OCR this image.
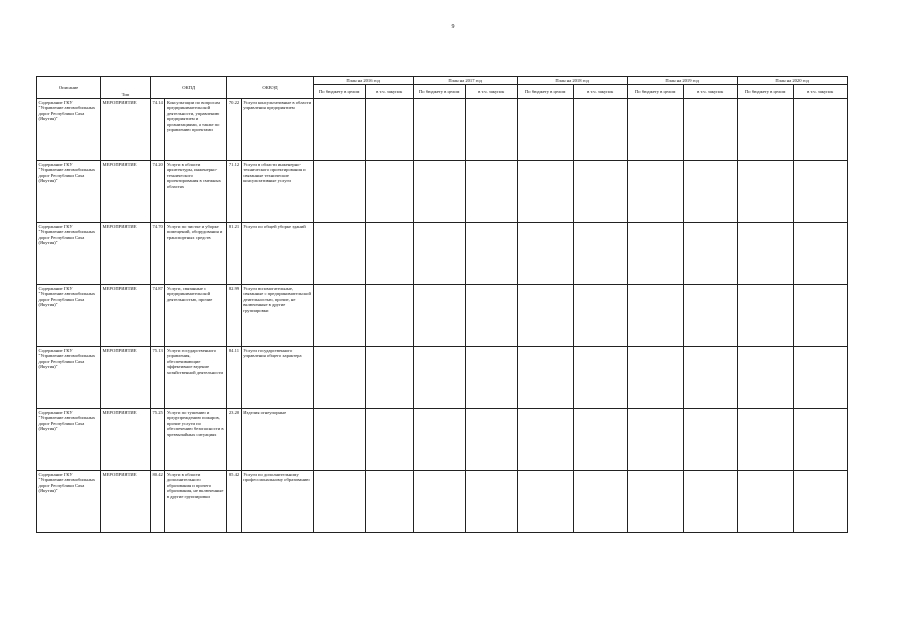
9
Описание	Тип	ОКПД		ОКВЭД		План на 2016 год		План на 2017 год		План на 2018 год		План на 2019 год		План на 2020 год	
						По бюджету в целом	в т.ч. закупок	По бюджету в целом	в т.ч. закупок	По бюджету в целом	в т.ч. закупок	По бюджету в целом	в т.ч. закупок	По бюджету в целом	в т.ч. закупок
Содержание ГКУ "Управление автомобильных дорог Республики Саха (Якутия)"	МЕРОПРИЯТИЕ	74.14	Консультации по вопросам предпринимательской деятельности, управлению предприятием и организациями, а также по управлению проектами	70.22	Услуги консультативные в области управления предприятием										
Содержание ГКУ "Управление автомобильных дорог Республики Саха (Якутия)"	МЕРОПРИЯТИЕ	74.20	Услуги в области архитектуры, инженерно-технического проектирования в смежных областях	71.12	Услуги в области инженерно-технического проектирования и связанные технические консультативные услуги										
Содержание ГКУ "Управление автомобильных дорог Республики Саха (Якутия)"	МЕРОПРИЯТИЕ	74.70	Услуги по чистке и уборке помещений, оборудования и транспортных средств	81.21	Услуги по общей уборке зданий										
Содержание ГКУ "Управление автомобильных дорог Республики Саха (Якутия)"	МЕРОПРИЯТИЕ	74.87	Услуги, связанные с предпринимательской деятельностью, прочие	82.99	Услуги вспомогательные, связанные с предпринимательской деятельностью, прочие, не включенные в другие группировки										
Содержание ГКУ "Управление автомобильных дорог Республики Саха (Якутия)"	МЕРОПРИЯТИЕ	75.13	Услуги государственного управления, обеспечивающие эффективное ведение хозяйственной деятельности	84.11	Услуги государственного управления общего характера										
Содержание ГКУ "Управление автомобильных дорог Республики Саха (Якутия)"	МЕРОПРИЯТИЕ	75.25	Услуги по тушению и предупреждению пожаров, прочие услуги по обеспечению безопасности в чрезвычайных ситуациях	23.20	Изделия огнеупорные										
Содержание ГКУ "Управление автомобильных дорог Республики Саха (Якутия)"	МЕРОПРИЯТИЕ	80.42	Услуги в области дополнительного образования и прочего образования, не включенные в другие группировки	85.42	Услуги по дополнительному профессиональному образованию										
